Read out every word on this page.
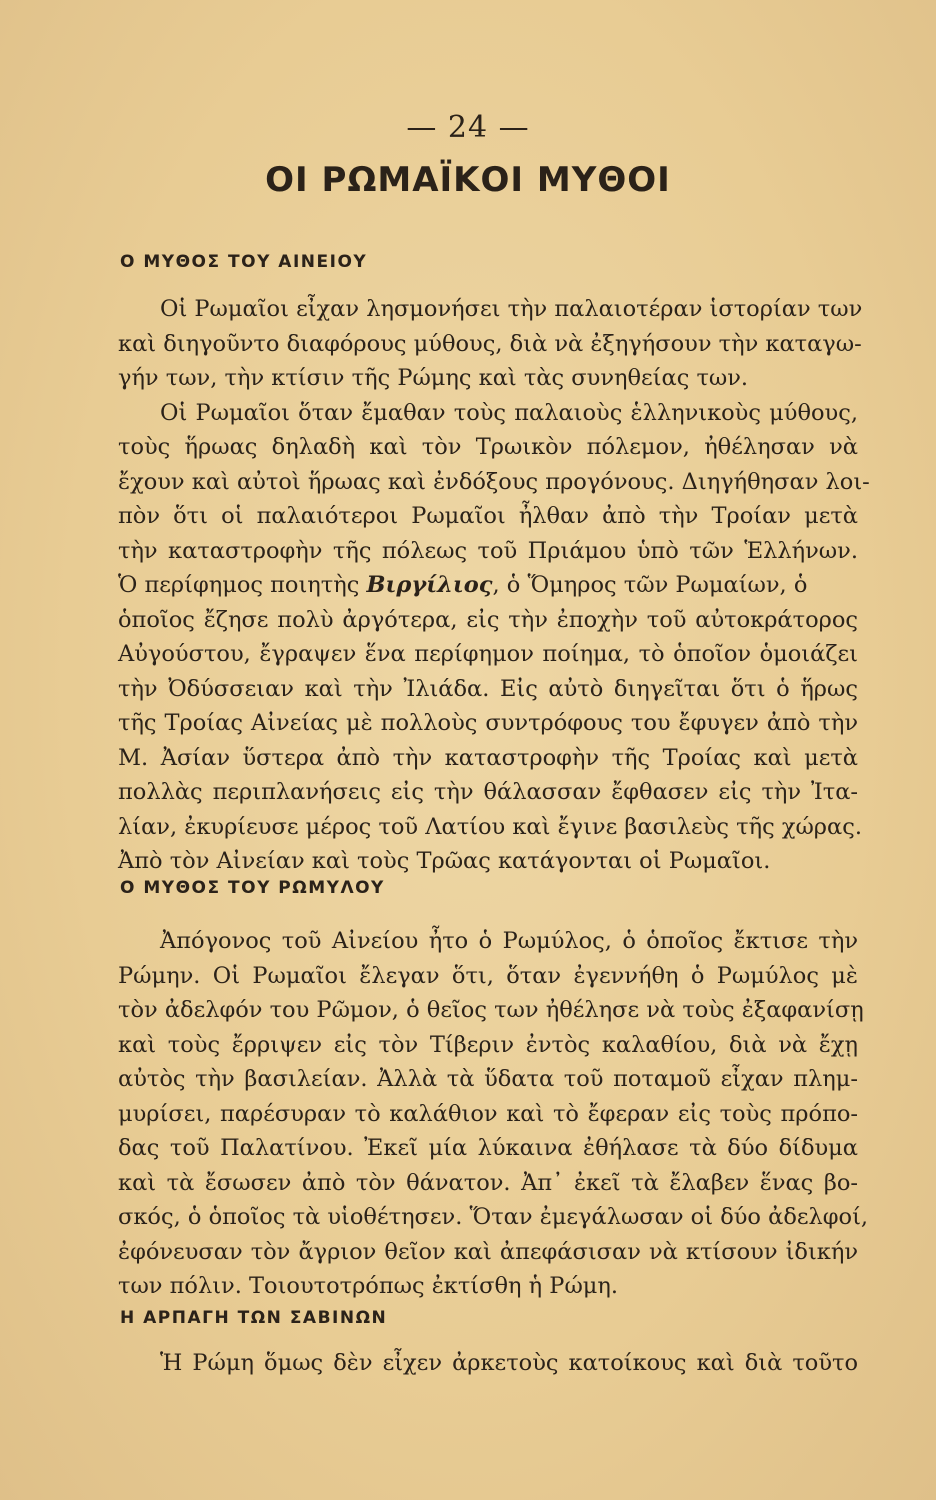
— 24 —
ΟΙ ΡΩΜΑΪΚΟΙ ΜΥΘΟΙ
Ο ΜΥΘΟΣ ΤΟΥ ΑΙΝΕΙΟΥ
Οἱ Ρωμαῖοι εἶχαν λησμονήσει τὴν παλαιοτέραν ἱστορίαν των
καὶ διηγοῦντο διαφόρους μύθους, διὰ νὰ ἐξηγήσουν τὴν καταγω-
γήν των, τὴν κτίσιν τῆς Ρώμης καὶ τὰς συνηθείας των.
Οἱ Ρωμαῖοι ὅταν ἔμαθαν τοὺς παλαιοὺς ἑλληνικοὺς μύθους,
τοὺς ἥρωας δηλαδὴ καὶ τὸν Τρωικὸν πόλεμον, ἠθέλησαν νὰ
ἔχουν καὶ αὐτοὶ ἥρωας καὶ ἐνδόξους προγόνους. Διηγήθησαν λοι-
πὸν ὅτι οἱ παλαιότεροι Ρωμαῖοι ἦλθαν ἀπὸ τὴν Τροίαν μετὰ
τὴν καταστροφὴν τῆς πόλεως τοῦ Πριάμου ὑπὸ τῶν Ἑλλήνων.
Ὁ περίφημος ποιητὴς Βιργίλιος, ὁ Ὅμηρος τῶν Ρωμαίων, ὁ
ὁποῖος ἔζησε πολὺ ἀργότερα, εἰς τὴν ἐποχὴν τοῦ αὐτοκράτορος
Αὐγούστου, ἔγραψεν ἕνα περίφημον ποίημα, τὸ ὁποῖον ὁμοιάζει
τὴν Ὀδύσσειαν καὶ τὴν Ἰλιάδα. Εἰς αὐτὸ διηγεῖται ὅτι ὁ ἥρως
τῆς Τροίας Αἰνείας μὲ πολλοὺς συντρόφους του ἔφυγεν ἀπὸ τὴν
Μ. Ἀσίαν ὕστερα ἀπὸ τὴν καταστροφὴν τῆς Τροίας καὶ μετὰ
πολλὰς περιπλανήσεις εἰς τὴν θάλασσαν ἔφθασεν εἰς τὴν Ἰτα-
λίαν, ἐκυρίευσε μέρος τοῦ Λατίου καὶ ἔγινε βασιλεὺς τῆς χώρας.
Ἀπὸ τὸν Αἰνείαν καὶ τοὺς Τρῶας κατάγονται οἱ Ρωμαῖοι.
Ο ΜΥΘΟΣ ΤΟΥ ΡΩΜΥΛΟΥ
Ἀπόγονος τοῦ Αἰνείου ἦτο ὁ Ρωμύλος, ὁ ὁποῖος ἔκτισε τὴν
Ρώμην. Οἱ Ρωμαῖοι ἔλεγαν ὅτι, ὅταν ἐγεννήθη ὁ Ρωμύλος μὲ
τὸν ἀδελφόν του Ρῶμον, ὁ θεῖος των ἠθέλησε νὰ τοὺς ἐξαφανίσῃ
καὶ τοὺς ἔρριψεν εἰς τὸν Τίβεριν ἐντὸς καλαθίου, διὰ νὰ ἔχῃ
αὐτὸς τὴν βασιλείαν. Ἀλλὰ τὰ ὕδατα τοῦ ποταμοῦ εἶχαν πλημ-
μυρίσει, παρέσυραν τὸ καλάθιον καὶ τὸ ἔφεραν εἰς τοὺς πρόπο-
δας τοῦ Παλατίνου. Ἐκεῖ μία λύκαινα ἐθήλασε τὰ δύο δίδυμα
καὶ τὰ ἔσωσεν ἀπὸ τὸν θάνατον. Ἀπ᾿ ἐκεῖ τὰ ἔλαβεν ἕνας βο-
σκός, ὁ ὁποῖος τὰ υἱοθέτησεν. Ὅταν ἐμεγάλωσαν οἱ δύο ἀδελφοί,
ἐφόνευσαν τὸν ἄγριον θεῖον καὶ ἀπεφάσισαν νὰ κτίσουν ἰδικήν
των πόλιν. Τοιουτοτρόπως ἐκτίσθη ἡ Ρώμη.
Η ΑΡΠΑΓΗ ΤΩΝ ΣΑΒΙΝΩΝ
Ἡ Ρώμη ὅμως δὲν εἶχεν ἀρκετοὺς κατοίκους καὶ διὰ τοῦτο
